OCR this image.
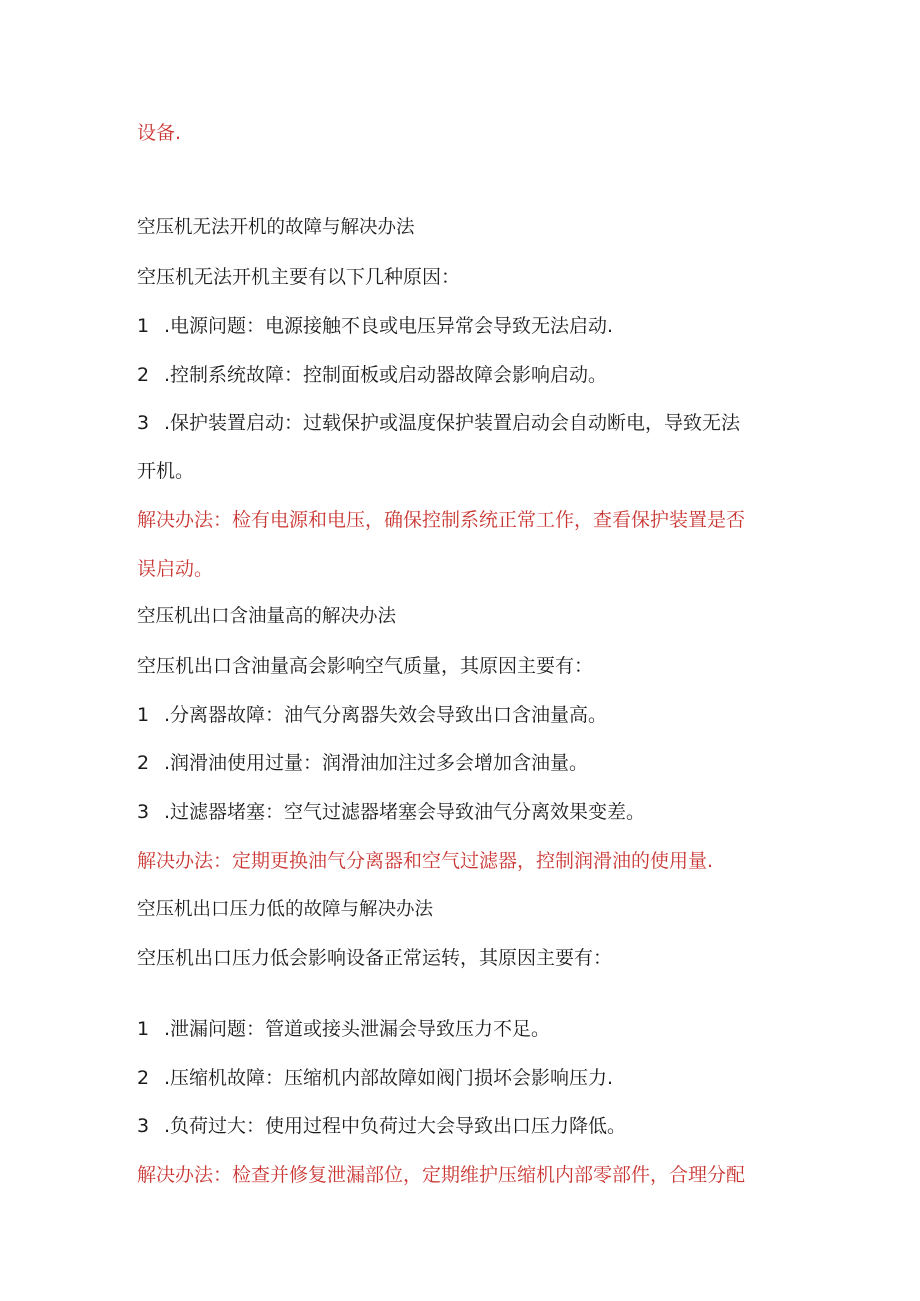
设备.

空压机无法开机的故障与解决办法

空压机无法开机主要有以下几种原因：

1 .电源问题：电源接触不良或电压异常会导致无法启动.

2 .控制系统故障：控制面板或启动器故障会影响启动。

3 .保护装置启动：过载保护或温度保护装置启动会自动断电，导致无法

开机。

解决办法：检有电源和电压，确保控制系统正常工作，查看保护装置是否

误启动。

空压机出口含油量高的解决办法

空压机出口含油量高会影响空气质量，其原因主要有：

1 .分离器故障：油气分离器失效会导致出口含油量高。

2 .润滑油使用过量：润滑油加注过多会增加含油量。

3 .过滤器堵塞：空气过滤器堵塞会导致油气分离效果变差。

解决办法：定期更换油气分离器和空气过滤器，控制润滑油的使用量.

空压机出口压力低的故障与解决办法

空压机出口压力低会影响设备正常运转，其原因主要有：

1 .泄漏问题：管道或接头泄漏会导致压力不足。

2 .压缩机故障：压缩机内部故障如阀门损坏会影响压力.

3 .负荷过大：使用过程中负荷过大会导致出口压力降低。

解决办法：检查并修复泄漏部位，定期维护压缩机内部零部件，合理分配
